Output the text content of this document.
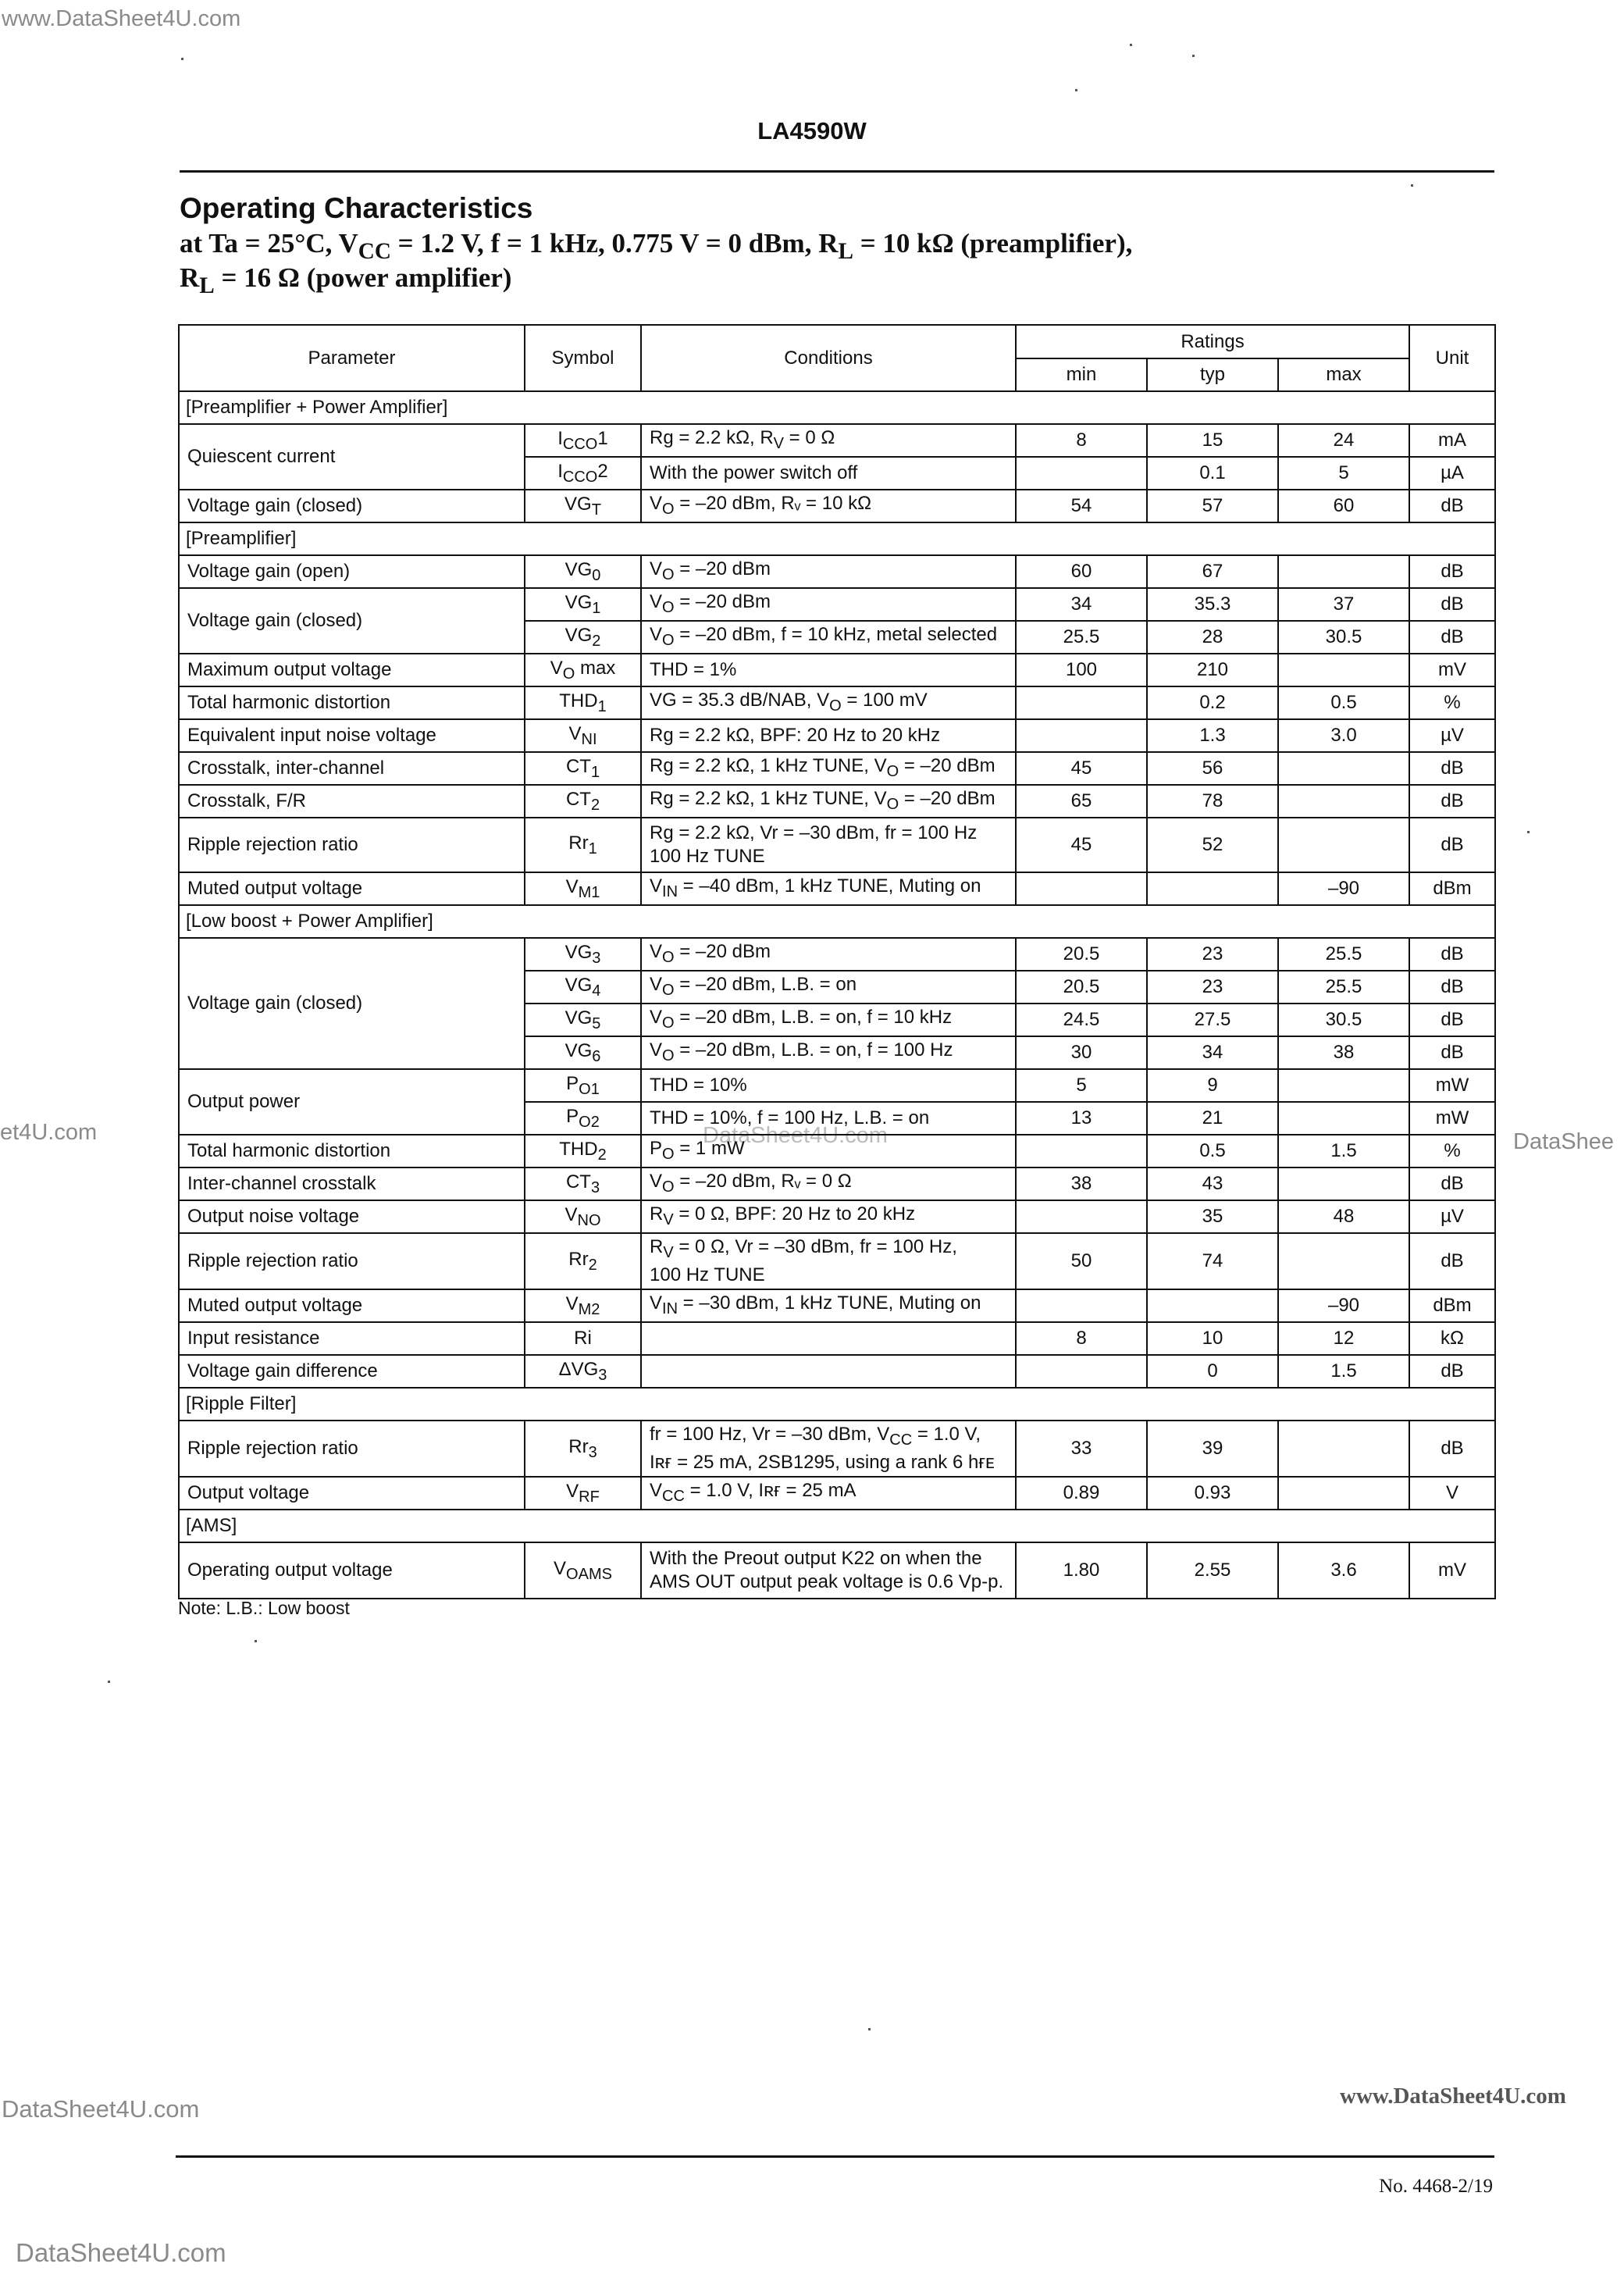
www.DataSheet4U.com
et4U.com	DataSheet4U.com	DataShee
DataSheet4U.com	www.DataSheet4U.com
DataSheet4U.com
LA4590W
Operating Characteristics
at Ta = 25°C, $V_{CC} = 1.2$ V, f = 1 kHz, 0.775 V = 0 dBm, $R_L = 10$ kΩ (preamplifier),
$R_L = 16$ Ω (power amplifier)
Parameter	Symbol	Conditions	Ratings			Unit
			min	typ	max	
[Preamplifier + Power Amplifier]						
Quiescent current	$I_{CCO}1$	Rg = 2.2 kΩ, $R_V = 0$ Ω	8	15	24	mA
	$I_{CCO}2$	With the power switch off		0.1	5	µA
Voltage gain (closed)	$VG_T$	$V_O = -20$ dBm, Rᵥ = 10 kΩ	54	57	60	dB
[Preamplifier]						
Voltage gain (open)	$VG_0$	$V_O = -20$ dBm	60	67		dB
Voltage gain (closed)	$VG_1$	$V_O = -20$ dBm	34	35.3	37	dB
	$VG_2$	$V_O = -20$ dBm, f = 10 kHz, metal selected	25.5	28	30.5	dB
Maximum output voltage	$V_O$ max	THD = 1%	100	210		mV
Total harmonic distortion	$THD_1$	VG = 35.3 dB/NAB, $V_O = 100$ mV		0.2	0.5	%
Equivalent input noise voltage	$V_{NI}$	Rg = 2.2 kΩ, BPF: 20 Hz to 20 kHz		1.3	3.0	µV
Crosstalk, inter-channel	$CT_1$	Rg = 2.2 kΩ, 1 kHz TUNE, $V_O = -20$ dBm	45	56		dB
Crosstalk, F/R	$CT_2$	Rg = 2.2 kΩ, 1 kHz TUNE, $V_O = -20$ dBm	65	78		dB
Ripple rejection ratio	$Rr_1$	Rg = 2.2 kΩ, Vr = –30 dBm, fr = 100 Hz
100 Hz TUNE	45	52		dB
Muted output voltage	$V_{M1}$	$V_{IN} = -40$ dBm, 1 kHz TUNE, Muting on			–90	dBm
[Low boost + Power Amplifier]						
Voltage gain (closed)	$VG_3$	$V_O = -20$ dBm	20.5	23	25.5	dB
	$VG_4$	$V_O = -20$ dBm, L.B. = on	20.5	23	25.5	dB
	$VG_5$	$V_O = -20$ dBm, L.B. = on, f = 10 kHz	24.5	27.5	30.5	dB
	$VG_6$	$V_O = -20$ dBm, L.B. = on, f = 100 Hz	30	34	38	dB
Output power	$P_{O1}$	THD = 10%	5	9		mW
	$P_{O2}$	THD = 10%, f = 100 Hz, L.B. = on	13	21		mW
Total harmonic distortion	$THD_2$	$P_O = 1$ mW		0.5	1.5	%
Inter-channel crosstalk	$CT_3$	$V_O = -20$ dBm, Rᵥ = 0 Ω	38	43		dB
Output noise voltage	$V_{NO}$	$R_V = 0$ Ω, BPF: 20 Hz to 20 kHz		35	48	µV
Ripple rejection ratio	$Rr_2$	$R_V = 0$ Ω, Vr = –30 dBm, fr = 100 Hz,
100 Hz TUNE	50	74		dB
Muted output voltage	$V_{M2}$	$V_{IN} = -30$ dBm, 1 kHz TUNE, Muting on			–90	dBm
Input resistance	Ri		8	10	12	kΩ
Voltage gain difference	$\Delta VG_3$			0	1.5	dB
[Ripple Filter]						
Ripple rejection ratio	$Rr_3$	fr = 100 Hz, Vr = –30 dBm, $V_{CC} = 1.0$ V,
Iʀғ = 25 mA, 2SB1295, using a rank 6 hғᴇ	33	39		dB
Output voltage	$V_{RF}$	$V_{CC} = 1.0$ V, Iʀғ = 25 mA	0.89	0.93		V
[AMS]						
Operating output voltage	$V_{OAMS}$	With the Preout output K22 on when the
AMS OUT output peak voltage is 0.6 Vp-p.	1.80	2.55	3.6	mV
Note: L.B.: Low boost
No. 4468-2/19
